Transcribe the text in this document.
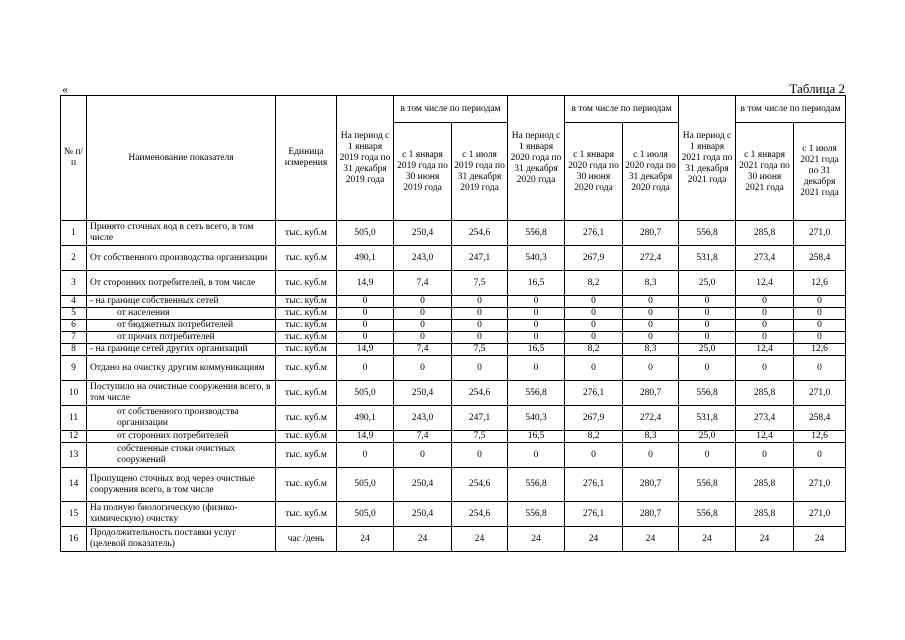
«	Таблица 2
№ п/п	Наименование показателя	Единица измерения	На период с 1 января 2019 года по 31 декабря 2019 года	в том числе по периодам		На период с 1 января 2020 года по 31 декабря 2020 года	в том числе по периодам		На период с 1 января 2021 года по 31 декабря 2021 года	в том числе по периодам	
				с 1 января 2019 года по 30 июня 2019 года	с 1 июля 2019 года по 31 декабря 2019 года		с 1 января 2020 года по 30 июня 2020 года	с 1 июля 2020 года по 31 декабря 2020 года		с 1 января 2021 года по 30 июня 2021 года	с 1 июля 2021 года по 31 декабря 2021 года
1	Принято сточных вод в сеть всего, в том числе	тыс. куб.м	505,0	250,4	254,6	556,8	276,1	280,7	556,8	285,8	271,0
2	От собственного производства организации	тыс. куб.м	490,1	243,0	247,1	540,3	267,9	272,4	531,8	273,4	258,4
3	От сторонних потребителей, в том числе	тыс. куб.м	14,9	7,4	7,5	16,5	8,2	8,3	25,0	12,4	12,6
4	- на границе собственных сетей	тыс. куб.м	0	0	0	0	0	0	0	0	0
5	от населения	тыс. куб.м	0	0	0	0	0	0	0	0	0
6	от бюджетных потребителей	тыс. куб.м	0	0	0	0	0	0	0	0	0
7	от прочих потребителей	тыс. куб.м	0	0	0	0	0	0	0	0	0
8	- на границе сетей других организаций	тыс. куб.м	14,9	7,4	7,5	16,5	8,2	8,3	25,0	12,4	12,6
9	Отдано на очистку другим коммуникациям	тыс. куб.м	0	0	0	0	0	0	0	0	0
10	Поступило на очистные сооружения всего, в том числе	тыс. куб.м	505,0	250,4	254,6	556,8	276,1	280,7	556,8	285,8	271,0
11	от собственного производства организации	тыс. куб.м	490,1	243,0	247,1	540,3	267,9	272,4	531,8	273,4	258,4
12	от сторонних потребителей	тыс. куб.м	14,9	7,4	7,5	16,5	8,2	8,3	25,0	12,4	12,6
13	собственные стоки очистных сооружений	тыс. куб.м	0	0	0	0	0	0	0	0	0
14	Пропущено сточных вод через очистные сооружения всего, в том числе	тыс. куб.м	505,0	250,4	254,6	556,8	276,1	280,7	556,8	285,8	271,0
15	На полную биологическую (физико-химическую) очистку	тыс. куб.м	505,0	250,4	254,6	556,8	276,1	280,7	556,8	285,8	271,0
16	Продолжительность поставки услуг (целевой показатель)	час /день	24	24	24	24	24	24	24	24	24
